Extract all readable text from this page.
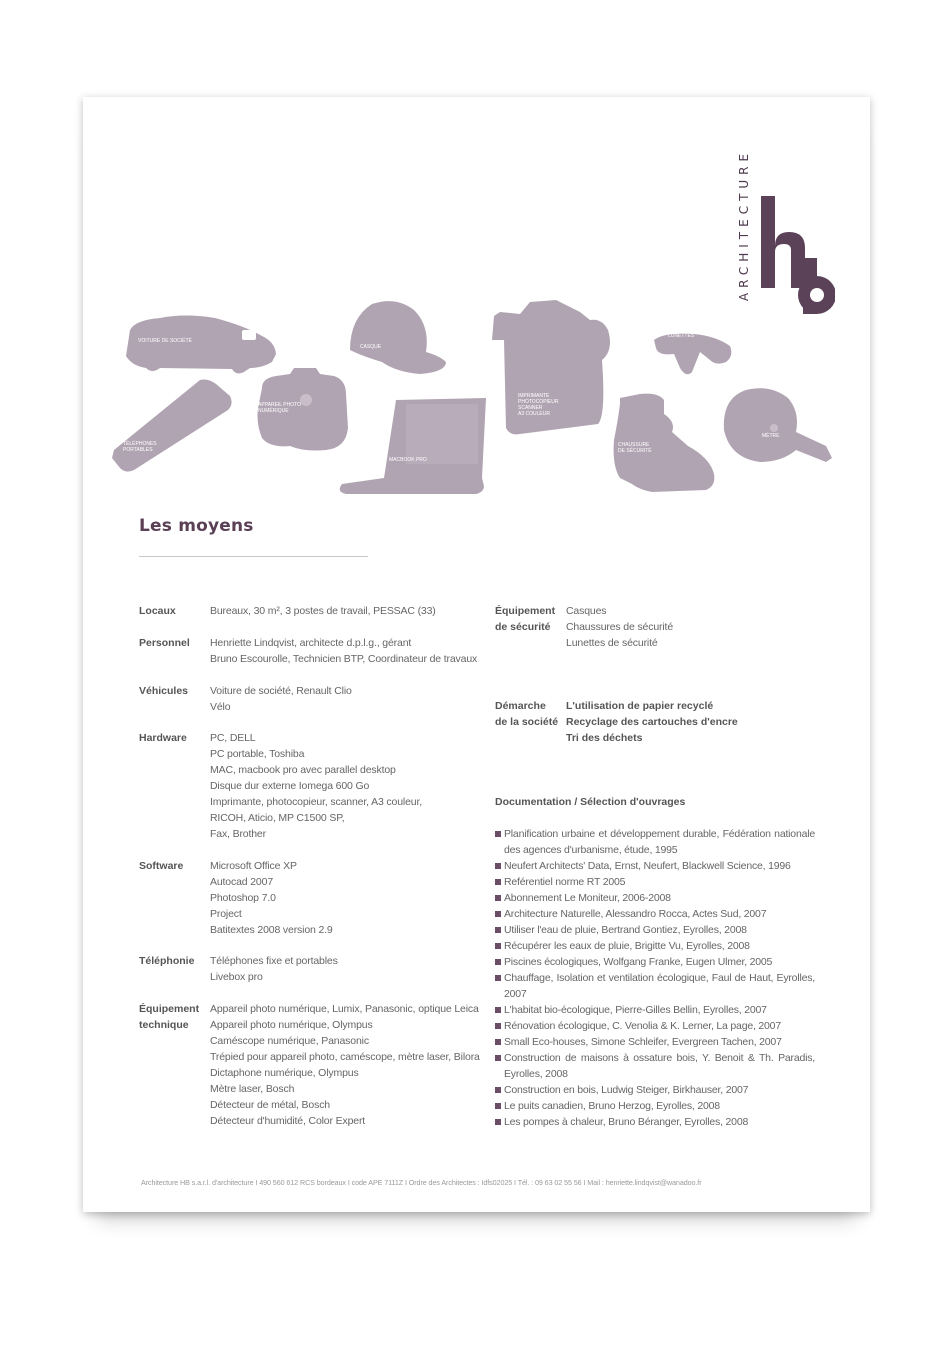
ARCHITECTURE
VOITURE DE SOCIÉTÉ
CASQUE
IMPRIMANTE
PHOTOCOPIEUR
SCANNER
A3 COULEUR
LUNETTES
TÉLÉPHONES
PORTABLES
APPAREIL PHOTO
NUMÉRIQUE
MACBOOK PRO
CHAUSSURE
DE SÉCURITÉ
MÈTRE
Les moyens
Locaux	Bureaux, 30 m², 3 postes de travail, PESSAC (33)
Personnel Henriette Lindqvist, architecte d.p.l.g., gérant
Bruno Escourolle, Technicien BTP, Coordinateur de travaux
Véhicules Voiture de société, Renault Clio
Vélo
Hardware PC, DELL
PC portable, Toshiba
MAC, macbook pro avec parallel desktop
Disque dur externe Iomega 600 Go
Imprimante, photocopieur, scanner, A3 couleur,
RICOH, Aticio, MP C1500 SP,
Fax, Brother
Software	Microsoft Office XP
Autocad 2007
Photoshop 7.0
Project
Batitextes 2008 version 2.9
Téléphonie Téléphones fixe et portables
Livebox pro
Équipement
technique
Appareil photo numérique, Lumix, Panasonic, optique Leica
Appareil photo numérique, Olympus
Caméscope numérique, Panasonic
Trépied pour appareil photo, caméscope, mètre laser, Bilora
Dictaphone numérique, Olympus
Mètre laser, Bosch
Détecteur de métal, Bosch
Détecteur d'humidité, Color Expert
Équipement
de sécurité
Casques
Chaussures de sécurité
Lunettes de sécurité
Démarche
de la société
L'utilisation de papier recyclé
Recyclage des cartouches d'encre
Tri des déchets
Documentation / Sélection d'ouvrages
Planification urbaine et développement durable, Fédération nationale des agences d'urbanisme, étude, 1995
Neufert Architects' Data, Ernst, Neufert, Blackwell Science, 1996
Reférentiel norme RT 2005
Abonnement Le Moniteur, 2006-2008
Architecture Naturelle, Alessandro Rocca, Actes Sud, 2007
Utiliser l'eau de pluie, Bertrand Gontiez, Eyrolles, 2008
Récupérer les eaux de pluie, Brigitte Vu, Eyrolles, 2008
Piscines écologiques, Wolfgang Franke, Eugen Ulmer, 2005
Chauffage, Isolation et ventilation écologique, Faul de Haut, Eyrolles, 2007
L'habitat bio-écologique, Pierre-Gilles Bellin, Eyrolles, 2007
Rénovation écologique, C. Venolia & K. Lerner, La page, 2007
Small Eco-houses, Simone Schleifer, Evergreen Tachen, 2007
Construction de maisons à ossature bois, Y. Benoit & Th. Paradis, Eyrolles, 2008
Construction en bois, Ludwig Steiger, Birkhauser, 2007
Le puits canadien, Bruno Herzog, Eyrolles, 2008
Les pompes à chaleur, Bruno Béranger, Eyrolles, 2008
Architecture HB s.a.r.l. d'architecture I 490 560 612 RCS bordeaux I code APE 7111Z I Ordre des Architectes : Idfs02025 I Tél. : 09 63 02 55 56 I Mail : henriette.lindqvist@wanadoo.fr
